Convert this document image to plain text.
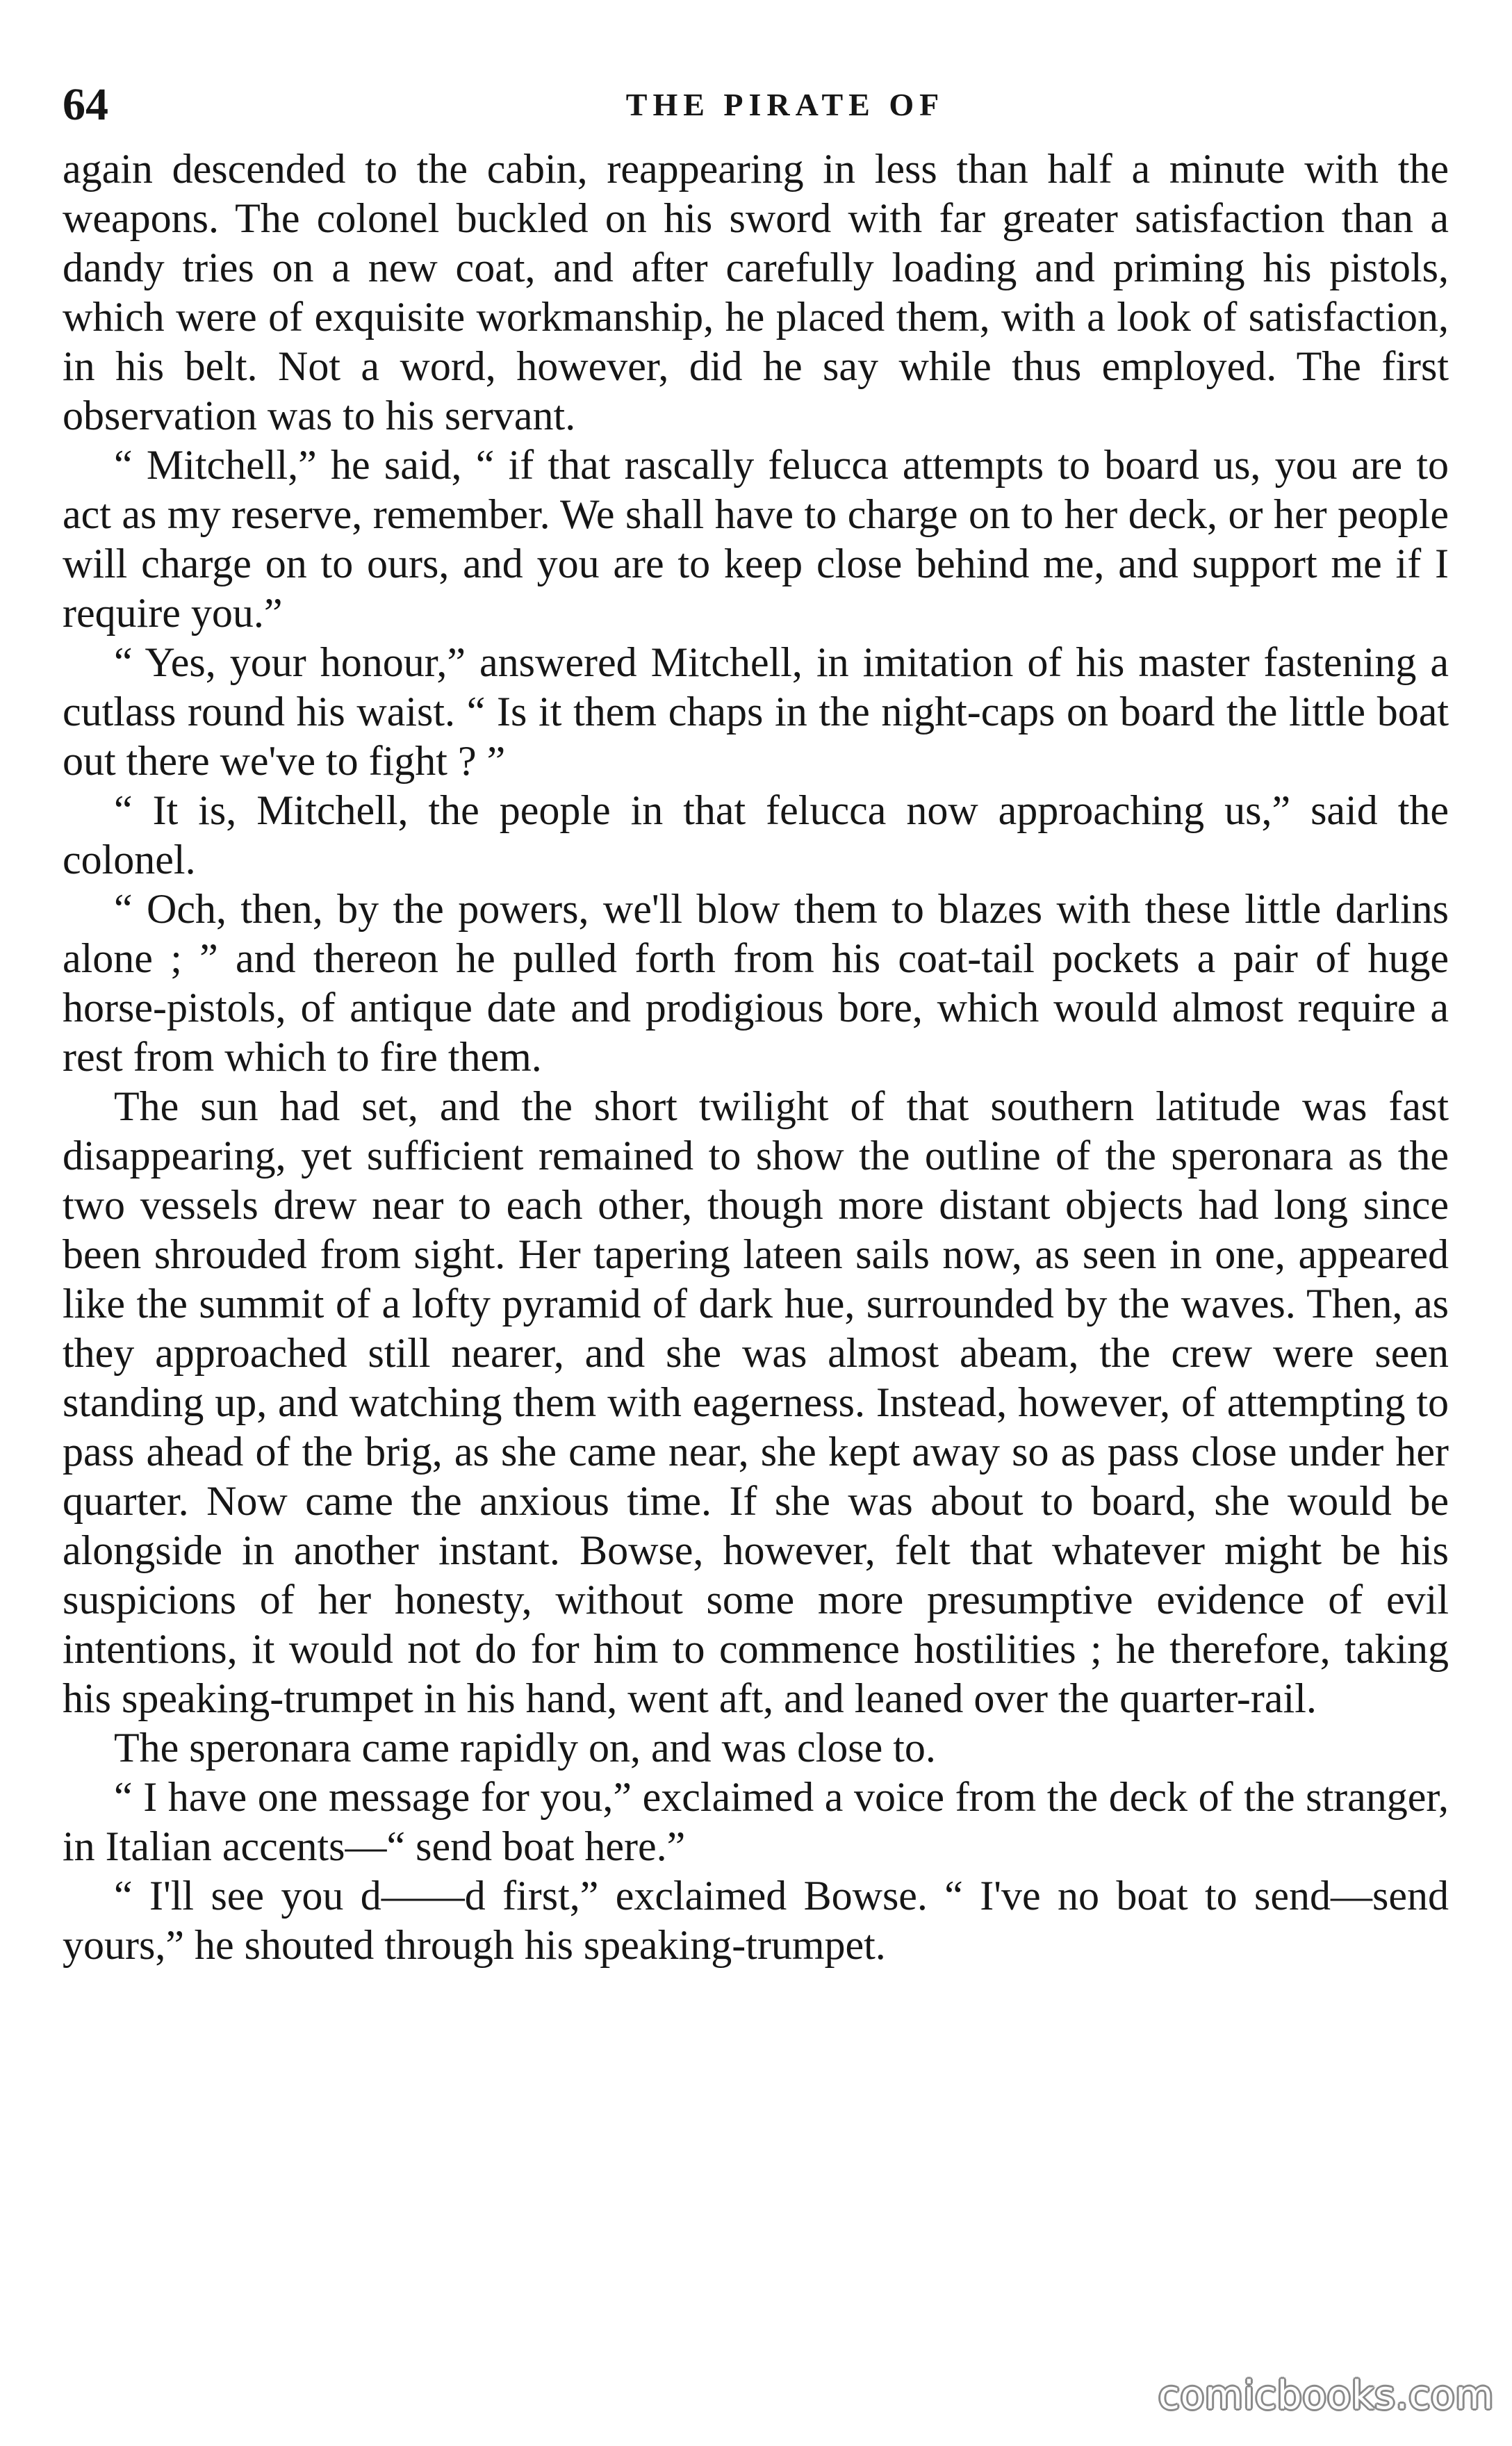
64	THE PIRATE OF

again descended to the cabin, reappearing in less than half a minute with the weapons. The colonel buckled on his sword with far greater satisfaction than a dandy tries on a new coat, and after carefully loading and priming his pistols, which were of exquisite workmanship, he placed them, with a look of satisfaction, in his belt. Not a word, however, did he say while thus employed. The first observation was to his servant.

“ Mitchell,” he said, “ if that rascally felucca attempts to board us, you are to act as my reserve, remember. We shall have to charge on to her deck, or her people will charge on to ours, and you are to keep close behind me, and support me if I require you.”

“ Yes, your honour,” answered Mitchell, in imitation of his master fastening a cutlass round his waist. “ Is it them chaps in the night-caps on board the little boat out there we've to fight ? ”

“ It is, Mitchell, the people in that felucca now approaching us,” said the colonel.

“ Och, then, by the powers, we'll blow them to blazes with these little darlins alone ; ” and thereon he pulled forth from his coat-tail pockets a pair of huge horse-pistols, of antique date and prodigious bore, which would almost require a rest from which to fire them.

The sun had set, and the short twilight of that southern latitude was fast disappearing, yet sufficient remained to show the outline of the speronara as the two vessels drew near to each other, though more distant objects had long since been shrouded from sight. Her tapering lateen sails now, as seen in one, appeared like the summit of a lofty pyramid of dark hue, surrounded by the waves. Then, as they approached still nearer, and she was almost abeam, the crew were seen standing up, and watching them with eagerness. Instead, however, of attempting to pass ahead of the brig, as she came near, she kept away so as pass close under her quarter. Now came the anxious time. If she was about to board, she would be alongside in another instant. Bowse, however, felt that whatever might be his suspicions of her honesty, without some more presumptive evidence of evil intentions, it would not do for him to commence hostilities ; he therefore, taking his speaking-trumpet in his hand, went aft, and leaned over the quarter-rail.

The speronara came rapidly on, and was close to.

“ I have one message for you,” exclaimed a voice from the deck of the stranger, in Italian accents—“ send boat here.”

“ I'll see you d——d first,” exclaimed Bowse. “ I've no boat to send—send yours,” he shouted through his speaking-trumpet.

comicbooks.com
